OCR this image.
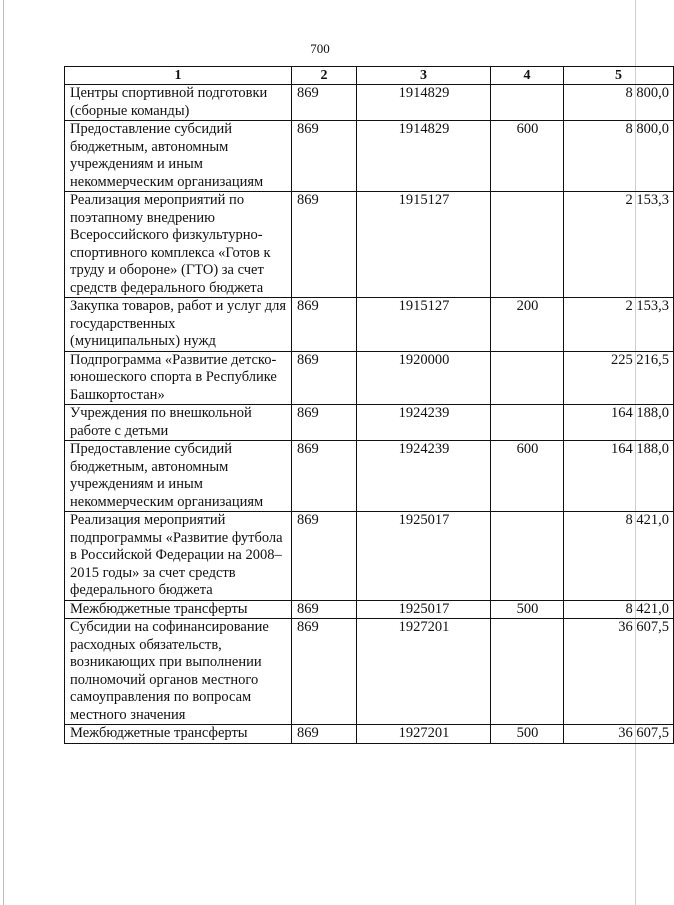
700
1	2	3	4	5
Центры спортивной подготовки (сборные команды)	869	1914829		8 800,0
Предоставление субсидий бюджетным, автономным учреждениям и иным некоммерческим организациям	869	1914829	600	8 800,0
Реализация мероприятий по поэтапному внедрению Всероссийского физкультурно-спортивного комплекса «Готов к труду и обороне» (ГТО) за счет средств федерального бюджета	869	1915127		2 153,3
Закупка товаров, работ и услуг для государственных (муниципальных) нужд	869	1915127	200	2 153,3
Подпрограмма «Развитие детско-юношеского спорта в Республике Башкортостан»	869	1920000		225 216,5
Учреждения по внешкольной работе с детьми	869	1924239		164 188,0
Предоставление субсидий бюджетным, автономным учреждениям и иным некоммерческим организациям	869	1924239	600	164 188,0
Реализация мероприятий подпрограммы «Развитие футбола в Российской Федерации на 2008–2015 годы» за счет средств федерального бюджета	869	1925017		8 421,0
Межбюджетные трансферты	869	1925017	500	8 421,0
Субсидии на софинансирование расходных обязательств, возникающих при выполнении полномочий органов местного самоуправления по вопросам местного значения	869	1927201		36 607,5
Межбюджетные трансферты	869	1927201	500	36 607,5
